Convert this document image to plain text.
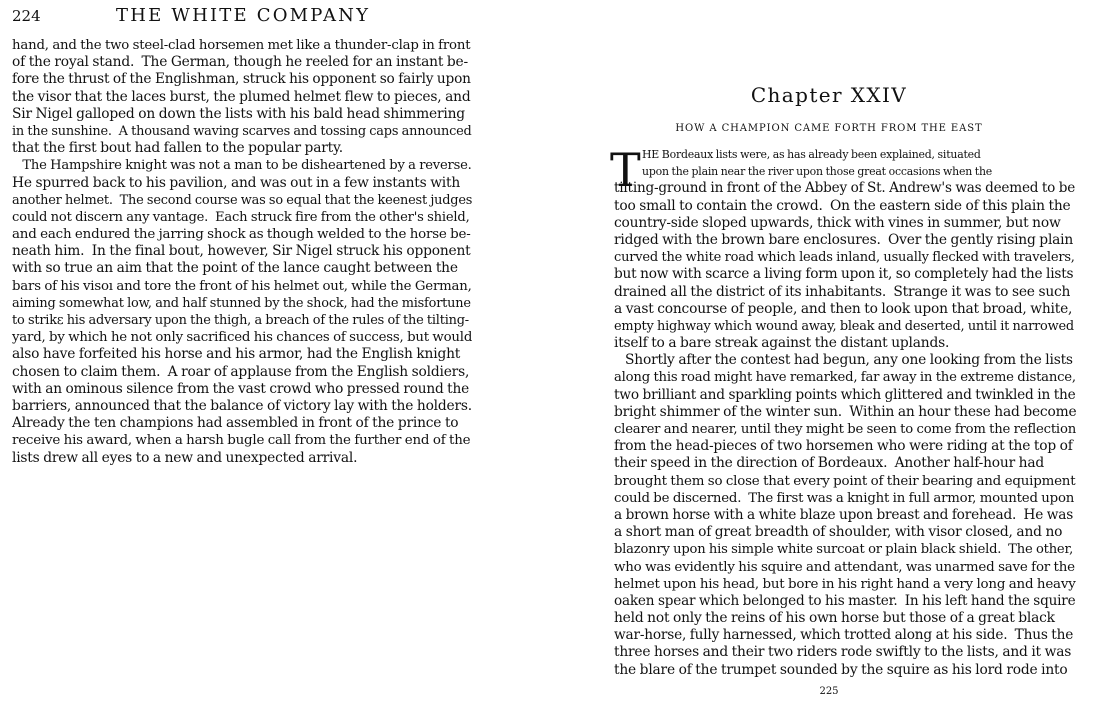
224	THE WHITE COMPANY
hand, and the two steel-clad horsemen met like a thunder-clap in front
of the royal stand.  The German, though he reeled for an instant be-
fore the thrust of the Englishman, struck his opponent so fairly upon
the visor that the laces burst, the plumed helmet flew to pieces, and
Sir Nigel galloped on down the lists with his bald head shimmering
in the sunshine.  A thousand waving scarves and tossing caps announced
that the first bout had fallen to the popular party.
The Hampshire knight was not a man to be disheartened by a reverse.
He spurred back to his pavilion, and was out in a few instants with
another helmet.  The second course was so equal that the keenest judges
could not discern any vantage.  Each struck fire from the other's shield,
and each endured the jarring shock as though welded to the horse be-
neath him.  In the final bout, however, Sir Nigel struck his opponent
with so true an aim that the point of the lance caught between the
bars of his visoı and tore the front of his helmet out, while the German,
aiming somewhat low, and half stunned by the shock, had the misfortune
to strikε his adversary upon the thigh, a breach of the rules of the tilting-
yard, by which he not only sacrificed his chances of success, but would
also have forfeited his horse and his armor, had the English knight
chosen to claim them.  A roar of applause from the English soldiers,
with an ominous silence from the vast crowd who pressed round the
barriers, announced that the balance of victory lay with the holders.
Already the ten champions had assembled in front of the prince to
receive his award, when a harsh bugle call from the further end of the
lists drew all eyes to a new and unexpected arrival.
Chapter XXIV
HOW A CHAMPION CAME FORTH FROM THE EAST
T HE Bordeaux lists were, as has already been explained, situated
upon the plain near the river upon those great occasions when the
tilting-ground in front of the Abbey of St. Andrew's was deemed to be
too small to contain the crowd.  On the eastern side of this plain the
country-side sloped upwards, thick with vines in summer, but now
ridged with the brown bare enclosures.  Over the gently rising plain
curved the white road which leads inland, usually flecked with travelers,
but now with scarce a living form upon it, so completely had the lists
drained all the district of its inhabitants.  Strange it was to see such
a vast concourse of people, and then to look upon that broad, white,
empty highway which wound away, bleak and deserted, until it narrowed
itself to a bare streak against the distant uplands.
Shortly after the contest had begun, any one looking from the lists
along this road might have remarked, far away in the extreme distance,
two brilliant and sparkling points which glittered and twinkled in the
bright shimmer of the winter sun.  Within an hour these had become
clearer and nearer, until they might be seen to come from the reflection
from the head-pieces of two horsemen who were riding at the top of
their speed in the direction of Bordeaux.  Another half-hour had
brought them so close that every point of their bearing and equipment
could be discerned.  The first was a knight in full armor, mounted upon
a brown horse with a white blaze upon breast and forehead.  He was
a short man of great breadth of shoulder, with visor closed, and no
blazonry upon his simple white surcoat or plain black shield.  The other,
who was evidently his squire and attendant, was unarmed save for the
helmet upon his head, but bore in his right hand a very long and heavy
oaken spear which belonged to his master.  In his left hand the squire
held not only the reins of his own horse but those of a great black
war-horse, fully harnessed, which trotted along at his side.  Thus the
three horses and their two riders rode swiftly to the lists, and it was
the blare of the trumpet sounded by the squire as his lord rode into
225
